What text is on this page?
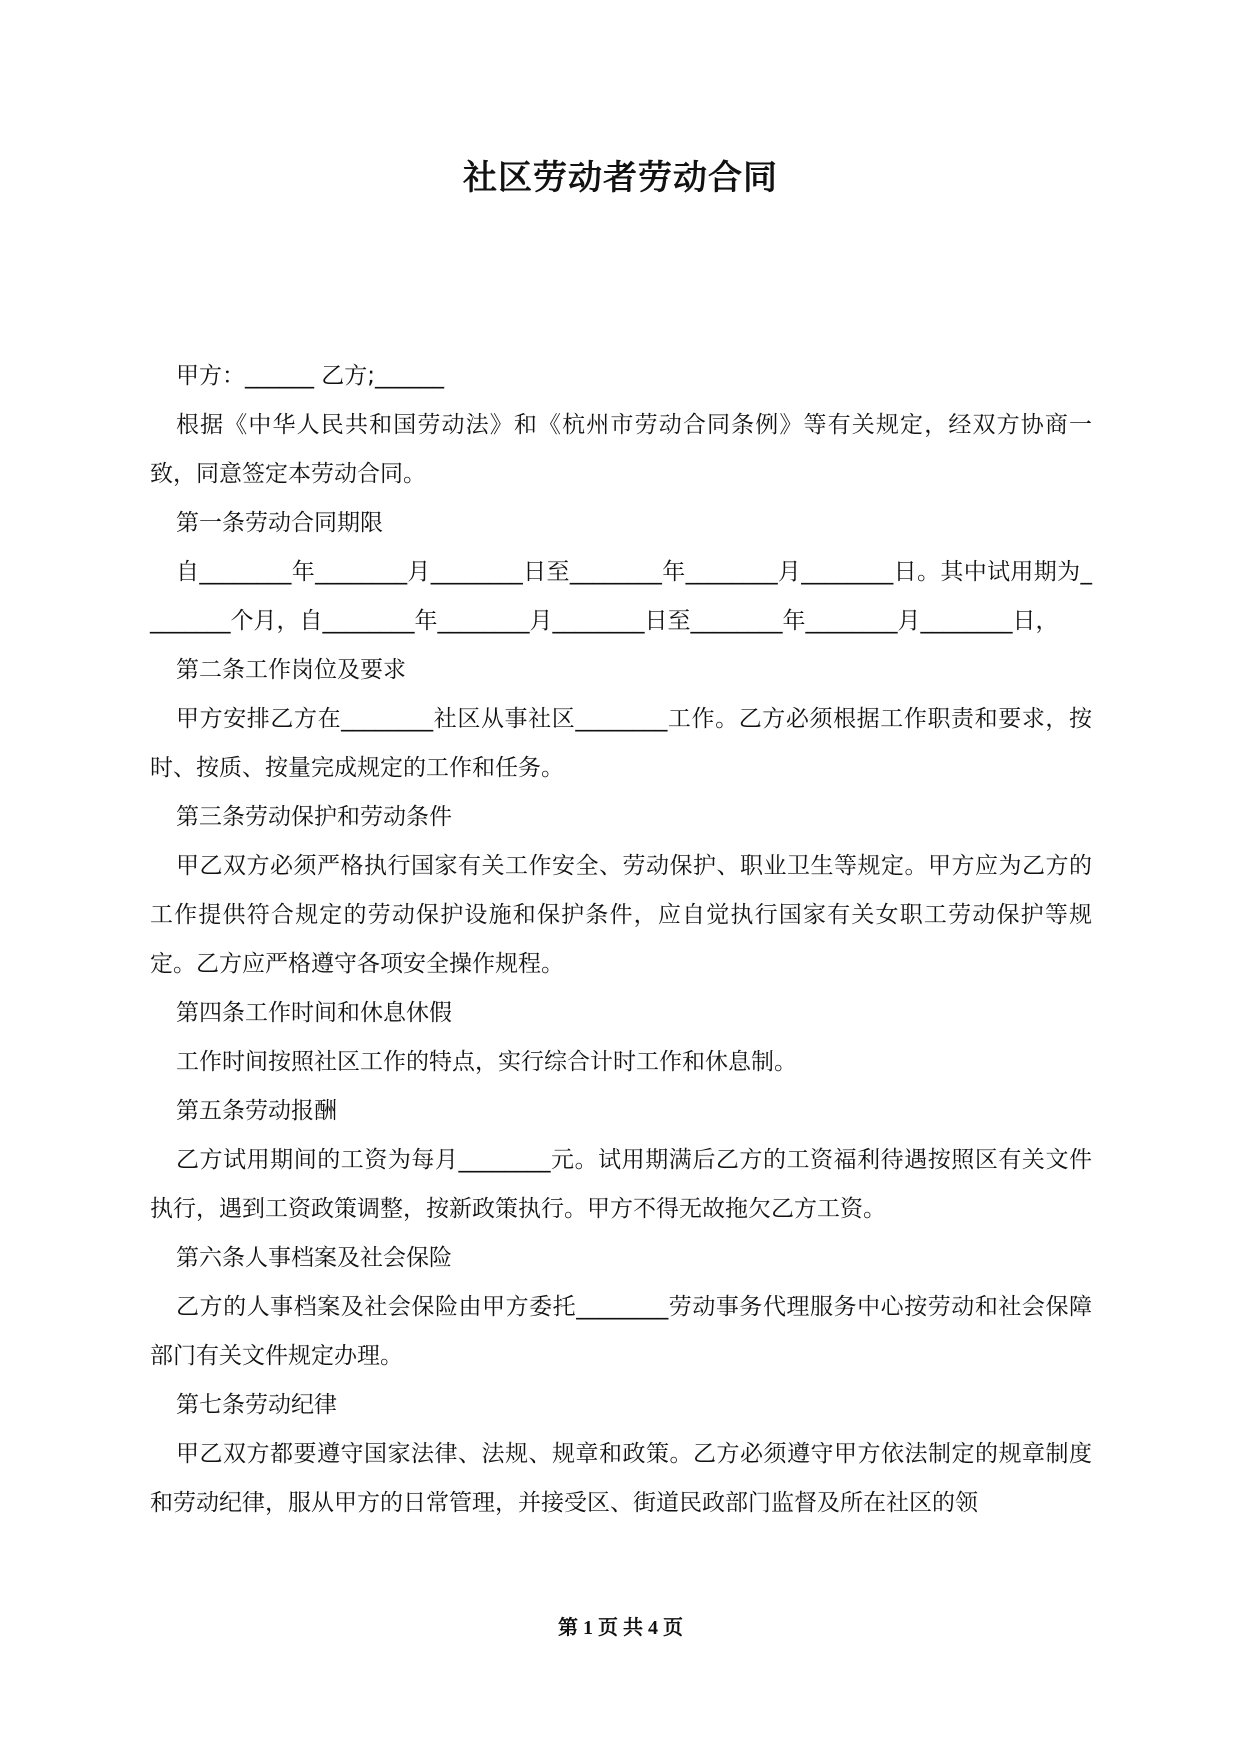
社区劳动者劳动合同

甲方：______ 乙方;______

根据《中华人民共和国劳动法》和《杭州市劳动合同条例》等有关规定，经双方协商一致，同意签定本劳动合同。

第一条劳动合同期限

自________年________月________日至________年________月________日。其中试用期为________个月，自________年________月________日至________年________月________日，

第二条工作岗位及要求

甲方安排乙方在________社区从事社区________工作。乙方必须根据工作职责和要求，按时、按质、按量完成规定的工作和任务。

第三条劳动保护和劳动条件

甲乙双方必须严格执行国家有关工作安全、劳动保护、职业卫生等规定。甲方应为乙方的工作提供符合规定的劳动保护设施和保护条件，应自觉执行国家有关女职工劳动保护等规定。乙方应严格遵守各项安全操作规程。

第四条工作时间和休息休假

工作时间按照社区工作的特点，实行综合计时工作和休息制。

第五条劳动报酬

乙方试用期间的工资为每月________元。试用期满后乙方的工资福利待遇按照区有关文件执行，遇到工资政策调整，按新政策执行。甲方不得无故拖欠乙方工资。

第六条人事档案及社会保险

乙方的人事档案及社会保险由甲方委托________劳动事务代理服务中心按劳动和社会保障部门有关文件规定办理。

第七条劳动纪律

甲乙双方都要遵守国家法律、法规、规章和政策。乙方必须遵守甲方依法制定的规章制度和劳动纪律，服从甲方的日常管理，并接受区、街道民政部门监督及所在社区的领

第 1 页 共 4 页
